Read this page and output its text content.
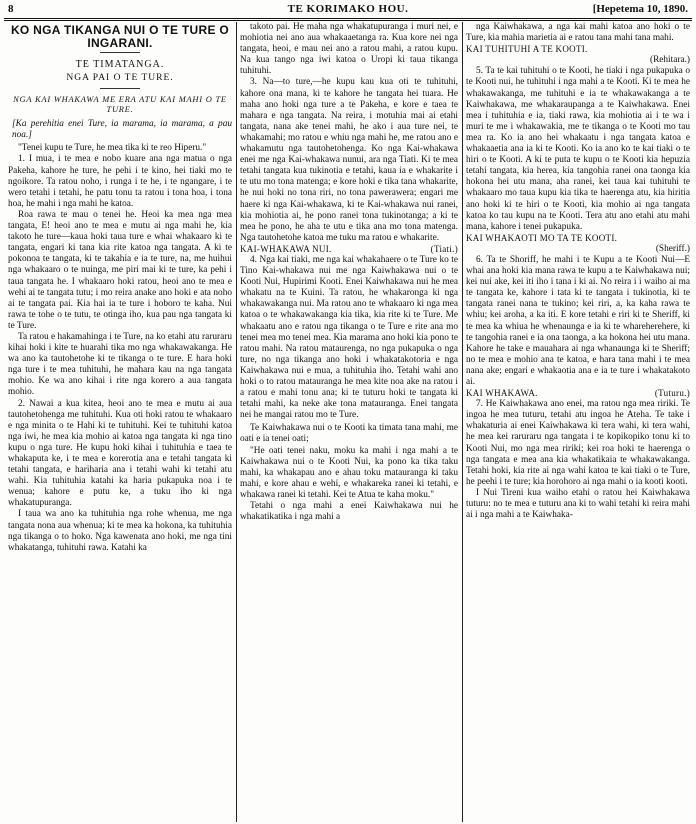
8	TE KORIMAKO HOU.	[Hepetema 10, 1890.
KO NGA TIKANGA NUI O TE TURE O INGARANI.
TE TIMATANGA.
NGA PAI O TE TURE.
NGA KAI WHAKAWA ME ERA ATU KAI MAHI O TE TURE.

[Ka perehitia enei Ture, ia marama, ia marama, a pau noa.]

"Tenei kupu te Ture, he mea tika ki te reo Hiperu."

1. I mua, i te mea e nobo kuare ana nga matua o nga Pakeha, kahore he ture, he pehi i te kino, hei tiaki mo te ngoikore. Ta ratou noho, i runga i te he, i te ngangare, i te wero tetahi i tetahi, he patu tonu ta ratou i tona hoa, i tona hoa, he mahi i nga mahi he katoa.

Roa rawa te mau o tenei he. Heoi ka mea nga mea tangata, E! heoi ano te mea e mutu ai nga mahi he, kia takoto he ture—kaua hoki taua ture e whai whakaaro ki te tangata, engari ki tana kia rite katoa nga tangata. A ki te pokonoa te tangata, ki te takahia e ia te ture, na, me huihui nga whakaaro o te nuinga, me piri mai ki te ture, ka pehi i taua tangata he. I whakaaro hoki ratou, heoi ano te mea e wehi ai te tangata tutu; i mo reira anake ano hoki e ata noho ai te tangata pai. Kia hai ia te ture i hoboro te kaha. Nui rawa te tohe o te tutu, te otinga iho, kua pau nga tangata ki te Ture.

Ta ratou e hakamahinga i te Ture, na ko etahi atu raruraru kihai hoki i kite te huarahi tika mo nga whakawakanga. He wa ano ka tautohetohe ki te tikanga o te ture. E hara hoki nga ture i te mea tuhituhi, he mahara kau na nga tangata mohio. Ke wa ano kihai i rite nga korero a aua tangata mohio.

2. Nawai a kua kitea, heoi ano te mea e mutu ai aua tautohetohenga me tuhituhi. Kua oti hoki ratou te whakaaro e nga minita o te Hahi ki te tuhituhi. Kei te tuhituhi katoa nga iwi, he mea kia mohio ai katoa nga tangata ki nga tino kupu o nga ture. He kupu hoki kihai i tuhituhia e taea te whakaputa ke, i te mea e korerotia ana e tetahi tangata ki tetahi tangata, e hariharia ana i tetahi wahi ki tetahi atu wahi. Kia tuhituhia katahi ka haria pukapuka noa i te wenua; kahore e putu ke, a tuku iho ki nga whakatupuranga.

I taua wa ano ka tuhituhia nga rohe whenua, me nga tangata nona aua whenua; ki te mea ka hokona, ka tuhituhia nga tikanga o to hoko. Nga kawenata ano hoki, me nga tini whakatanga, tuhituhi rawa. Katahi ka

takoto pai. He maha nga whakatupuranga i muri nei, e mohiotia nei ano aua whakaaetanga ra. Kua kore nei nga tangata, heoi, e mau nei ano a ratou mahi, a ratou kupu. Na kua tango nga iwi katoa o Uropi ki taua tikanga tuhituhi.

3. Na—to ture,—he kupu kau kua oti te tuhituhi, kahore ona mana, ki te kahore he tangata hei tuara. He maha ano hoki nga ture a te Pakeha, e kore e taea te mahara e nga tangata. Na reira, i motuhia mai ai etahi tangata, nana ake tenei mahi, he ako i aua ture nei, te whakamahi; mo ratou e whiu nga mahi he, me ratou ano e whakamutu nga tautohetohenga. Ko nga Kai-whakawa enei me nga Kai-whakawa nunui, ara nga Tiati. Ki te mea tetahi tangata kua tukinotia e tetahi, kaua ia e whakarite i te utu mo tona matenga; e kore hoki e tika tana whakarite, he nui hoki no tona riri, no tona pawerawera; engari me haere ki nga Kai-whakawa, ki te Kai-whakawa nui ranei, kia mohiotia ai, he pono ranei tona tukinotanga; a ki te mea he pono, he aha te utu e tika ana mo tona matenga. Nga tautohetohe katoa me tuku ma ratou e whakarite.

KAI-WHAKAWA NUI.	(Tiati.)

4. Nga kai tiaki, me nga kai whakahaere o te Ture ko te Tino Kai-whakawa nui me nga Kaiwhakawa nui o te Kooti Nui, Hupirimi Kooti. Enei Kaiwhakawa nui he mea whakatu na te Kuini. Ta ratou, he whakaronga ki nga whakawakanga nui. Ma ratou ano te whakaaro ki nga mea katoa o te whakawakanga kia tika, kia rite ki te Ture. Me whakaatu ano e ratou nga tikanga o te Ture e rite ana mo tenei mea mo tenei mea. Kia marama ano hoki kia pono te ratou mahi. Na ratou mataurenga, no nga pukapuka o nga ture, no nga tikanga ano hoki i whakatakotoria e nga Kaiwhakawa nui e mua, a tuhituhia iho. Tetahi wahi ano hoki o to ratou matauranga he mea kite noa ake na ratou i a ratou e mahi tonu ana; ki te tuturu hoki te tangata ki tetahi mahi, ka neke ake tona matauranga. Enei tangata nei he mangai ratou mo te Ture.

Te Kaiwhakawa nui o te Kooti ka timata tana mahi, me oati e ia tenei oati;

"He oati tenei naku, moku ka mahi i nga mahi a te Kaiwhakawa nui o te Kooti Nui, ka pono ka tika taku mahi, ka whakapau ano e ahau toku matauranga ki taku mahi, e kore ahau e wehi, e whakareka ranei ki tetahi, e whakawa ranei ki tetahi. Kei te Atua te kaha moku."

Tetahi o nga mahi a enei Kaiwhakawa nui he whakatikatika i nga mahi a

nga Kaiwhakawa, a nga kai mahi katoa ano hoki o te Ture, kia mahia marietia ai e ratou tana mahi tana mahi.

KAI TUHITUHI A TE KOOTI.

(Rehitara.)

5. Ta te kai tuhituhi o te Kooti, he tiaki i nga pukapuka o te Kooti nui, he tuhituhi i nga mahi a te Kooti. Ki te mea he whakawakanga, me tuhituhi e ia te whakawakanga a te Kaiwhakawa, me whakaraupanga a te Kaiwhakawa. Enei mea i tuhituhia e ia, tiaki rawa, kia mohiotia ai i te wa i muri te me i whakawakia, me te tikanga o te Kooti mo tau mea ra. Ko ia ano hei whakaatu i nga tangata katoa e whakaaetia ana ia ki te Kooti. Ko ia ano ko te kai tiaki o te hiri o te Kooti. A ki te puta te kupu o te Kooti kia hepuzia tetahi tangata, kia herea, kia tangohia ranei ona taonga kia hokona hei utu mana, aha ranei, kei taua kai tuhituhi te whakaaro mo taua kupu kia tika te haerenga atu, kia hiritia ano hoki ki te hiri o te Kooti, kia mohio ai nga tangata katoa ko tau kupu na te Kooti. Tera atu ano etahi atu mahi mana, kahore i tenei pukapuka.

KAI WHAKAOTI MO TA TE KOOTI.

(Sheriff.)

6. Ta te Shoriff, he mahi i te Kupu a te Kooti Nui—E whai ana hoki kia mana rawa te kupu a te Kaiwhakawa nui; kei nui ake, kei iti iho i tana i ki ai. No reira i i waiho ai ma te tangata ke, kahore i tata ki te tangata i tukinotia, ki te tangata ranei nana te tukino; kei riri, a, ka kaha rawa te whiu; kei aroha, a ka iti. E kore tetahi e riri ki te Sheriff, ki te mea ka whiua he whenaunga e ia ki te whareherehere, ki te tangohia ranei e ia ona taonga, a ka hokona hei utu mana. Kahore he take e mauahara ai nga whanaunga ki te Sheriff; no te mea e mohio ana te katoa, e hara tana mahi i te mea nana ake; engari e whakaotia ana e ia te ture i whakatakoto ai.

KAI WHAKAWA.	(Tuturu.)

7. He Kaiwhakawa ano enei, ma ratou nga mea ririki. Te ingoa he mea tuturu, tetahi atu ingoa he Ateha. Te take i whakaturia ai enei Kaiwhakawa ki tera wahi, ki tera wahi, he mea kei raruraru nga tangata i te kopikopiko tonu ki to Kooti Nui, mo nga mea ririki; kei roa hoki te haerenga o nga tangata e mea ana kia whakatikaia te whakawakanga. Tetahi hoki, kia rite ai nga wahi katoa te kai tiaki o te Ture, he peehi i te ture; kia horohoro ai nga mahi o ia kooti kooti.

I Nui Tireni kua waiho etahi o ratou hei Kaiwhakawa tuturu: no te mea e tuturu ana ki to wahi tetahi ki reira mahi ai i nga mahi a te Kaiwhaka-
